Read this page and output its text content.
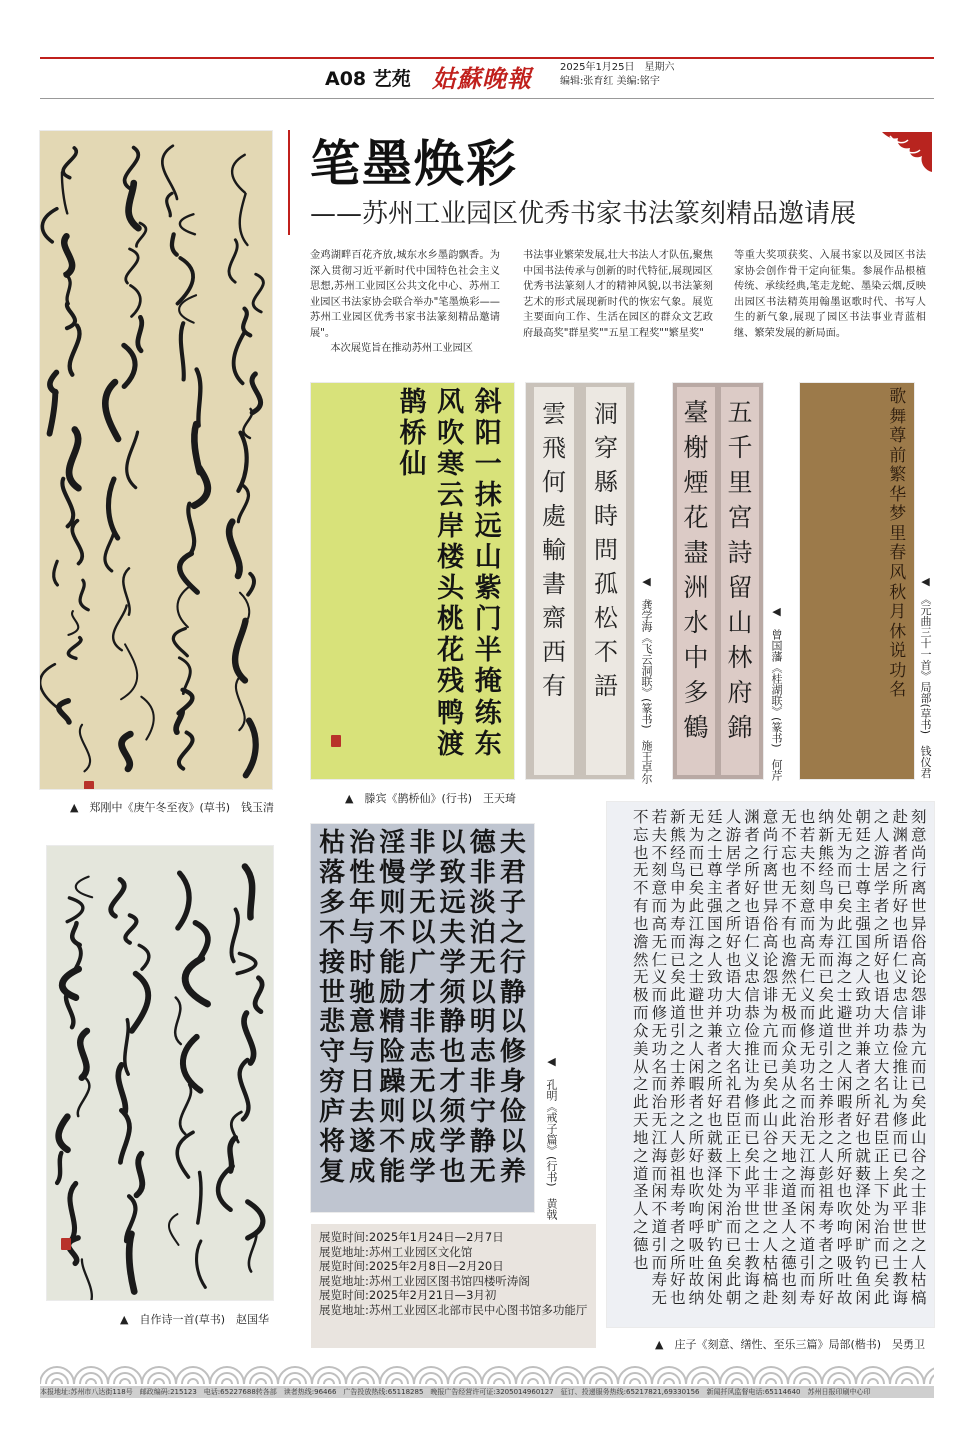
A08 艺苑 姑蘇晚報	2025年1月25日　星期六
编辑:张育红 美编:铭宇
笔墨焕彩
——苏州工业园区优秀书家书法篆刻精品邀请展
金鸡湖畔百花齐放,城东水乡墨韵飘香。为深入贯彻习近平新时代中国特色社会主义思想,苏州工业园区公共文化中心、苏州工业园区书法家协会联合举办"笔墨焕彩——苏州工业园区优秀书家书法篆刻精品邀请展"。
　　本次展览旨在推动苏州工业园区
书法事业繁荣发展,壮大书法人才队伍,聚焦中国书法传承与创新的时代特征,展现园区优秀书法篆刻人才的精神风貌,以书法篆刻艺术的形式展现新时代的恢宏气象。展览主要面向工作、生活在园区的群众文艺政府最高奖"群星奖""五星工程奖""繁星奖"
等重大奖项获奖、入展书家以及园区书法家协会创作骨干定向征集。参展作品根植传统、承续经典,笔走龙蛇、墨染云烟,反映出园区书法精英用翰墨讴歌时代、书写人生的新气象,展现了园区书法事业青蓝相继、繁荣发展的新局面。
▲　郑刚中《庚午冬至夜》(草书)　钱玉清
斜
阳
一
抹
远
山
紫
门
半
掩
练
东
风
吹
寒
云
岸
楼
头
桃
花
残
鸭
渡
鹊
桥
仙
▲　滕宾《鹊桥仙》(行书)　王天琦
雲
飛
何
處
輸
書
齋
西
有
洞
穿
縣
時
問
孤
松
不
語 ◀　龚学海《飞云洞联》(篆书)　施王卓尔
臺
榭
煙
花
盡
洲
水
中
多
鶴
五
千
里
宮
詩
留
山
林
府
錦 ◀　曾国藩《桂湖联》(篆书)　何芹
歌
舞
尊
前
繁
华
梦
里
春
风
秋
月
休
说
功
名 ◀　《元曲三十一首》局部(草书)　钱仪君
▲　自作诗一首(草书)　赵国华
夫
君
子
之
行
静
以
修
身
俭
以
养
德
非
淡
泊
无
以
明
志
非
宁
静
无
以
致
远
夫
学
须
静
也
才
须
学
也
非
学
无
以
广
才
非
志
无
以
成
学
淫
慢
则
不
能
励
精
险
躁
则
不
能
治
性
年
与
时
驰
意
与
日
去
遂
成
枯
落
多
不
接
世
悲
守
穷
庐
将
复	◀　孔明《戒子篇》(行书)　黄戟
展览时间:2025年1月24日—2月7日
展览地址:苏州工业园区文化馆
展览时间:2025年2月8日—2月20日
展览地址:苏州工业园区图书馆四楼听涛阁
展览时间:2025年2月21日—3月初
展览地址:苏州工业园区北部市民中心图书馆多功能厅
刻
意
尚
行
离
世
异
俗
高
论
怨
诽
为
亢
而
已
矣
此
山
谷
之
士
非
世
之
人
枯
槁
赴
渊
者
之
所
好
也
语
仁
义
忠
信
恭
俭
推
让
为
修
而
已
矣
此
平
世
之
士
教
诲
之
人
游
居
学
者
之
所
好
也
语
大
功
立
大
名
礼
君
臣
正
上
下
为
治
而
已
矣
此
朝
廷
之
士
尊
主
强
国
之
人
致
功
并
兼
者
之
所
好
也
就
薮
泽
处
闲
旷
钓
鱼
闲
处
无
为
而
已
矣
此
江
海
之
士
避
世
之
人
闲
暇
者
之
所
好
也
吹
呴
呼
吸
吐
故
纳
新
熊
经
鸟
申
为
寿
而
已
矣
此
道
引
之
士
养
形
之
人
彭
祖
寿
考
者
之
所
好
也
若
夫
不
刻
意
而
高
无
仁
义
而
修
无
功
名
而
治
无
江
海
而
闲
不
道
引
而
寿
无
不
忘
也
无
不
有
也
澹
然
无
极
而
众
美
从
之
此
天
地
之
道
圣
人
之
德
也
刻
意
尚
行
离
世
异
俗
高
论
怨
诽
为
亢
而
已
矣
此
山
谷
之
士
非
世
之
人
枯
槁
赴
渊
者
之
所
好
也
语
仁
义
忠
信
恭
俭
推
让
为
修
而
已
矣
此
平
世
之
士
教
诲
之
人
游
居
学
者
之
所
好
也
语
大
功
立
大
名
礼
君
臣
正
上
下
为
治
而
已
矣
此
朝
廷
之
士
尊
主
强
国
之
人
致
功
并
兼
者
之
所
好
也
就
薮
泽
处
闲
旷
钓
鱼
闲
处
无
为
而
已
矣
此
江
海
之
士
避
世
之
人
闲
暇
者
之
所
好
也
吹
呴
呼
吸
吐
故
纳
新
熊
经
鸟
申
为
寿
而
已
矣
此
道
引
之
士
养
形
之
人
彭
祖
寿
考
者
之
所
好
也
若
夫
不
刻
意
而
高
无
仁
义
而
修
无
功
名
而
治
无
江
海
而
闲
不
道
引
而
寿
无
不
忘
也
无
不
有
也
澹
然
无
极
而
众
美
从
之
此
天
地
之
道
圣
人
之
德
也
▲　庄子《刻意、缮性、至乐三篇》局部(楷书)　吴勇卫
本报地址:苏州市八达街118号　邮政编码:215123　电话:65227688转各部　读者热线:96466　广告投放热线:65118285　晚报广告经营许可证:3205014960127　征订、投递服务热线:65217821,69330156　新闻扦风监督电话:65114640　苏州日报印刷中心印
